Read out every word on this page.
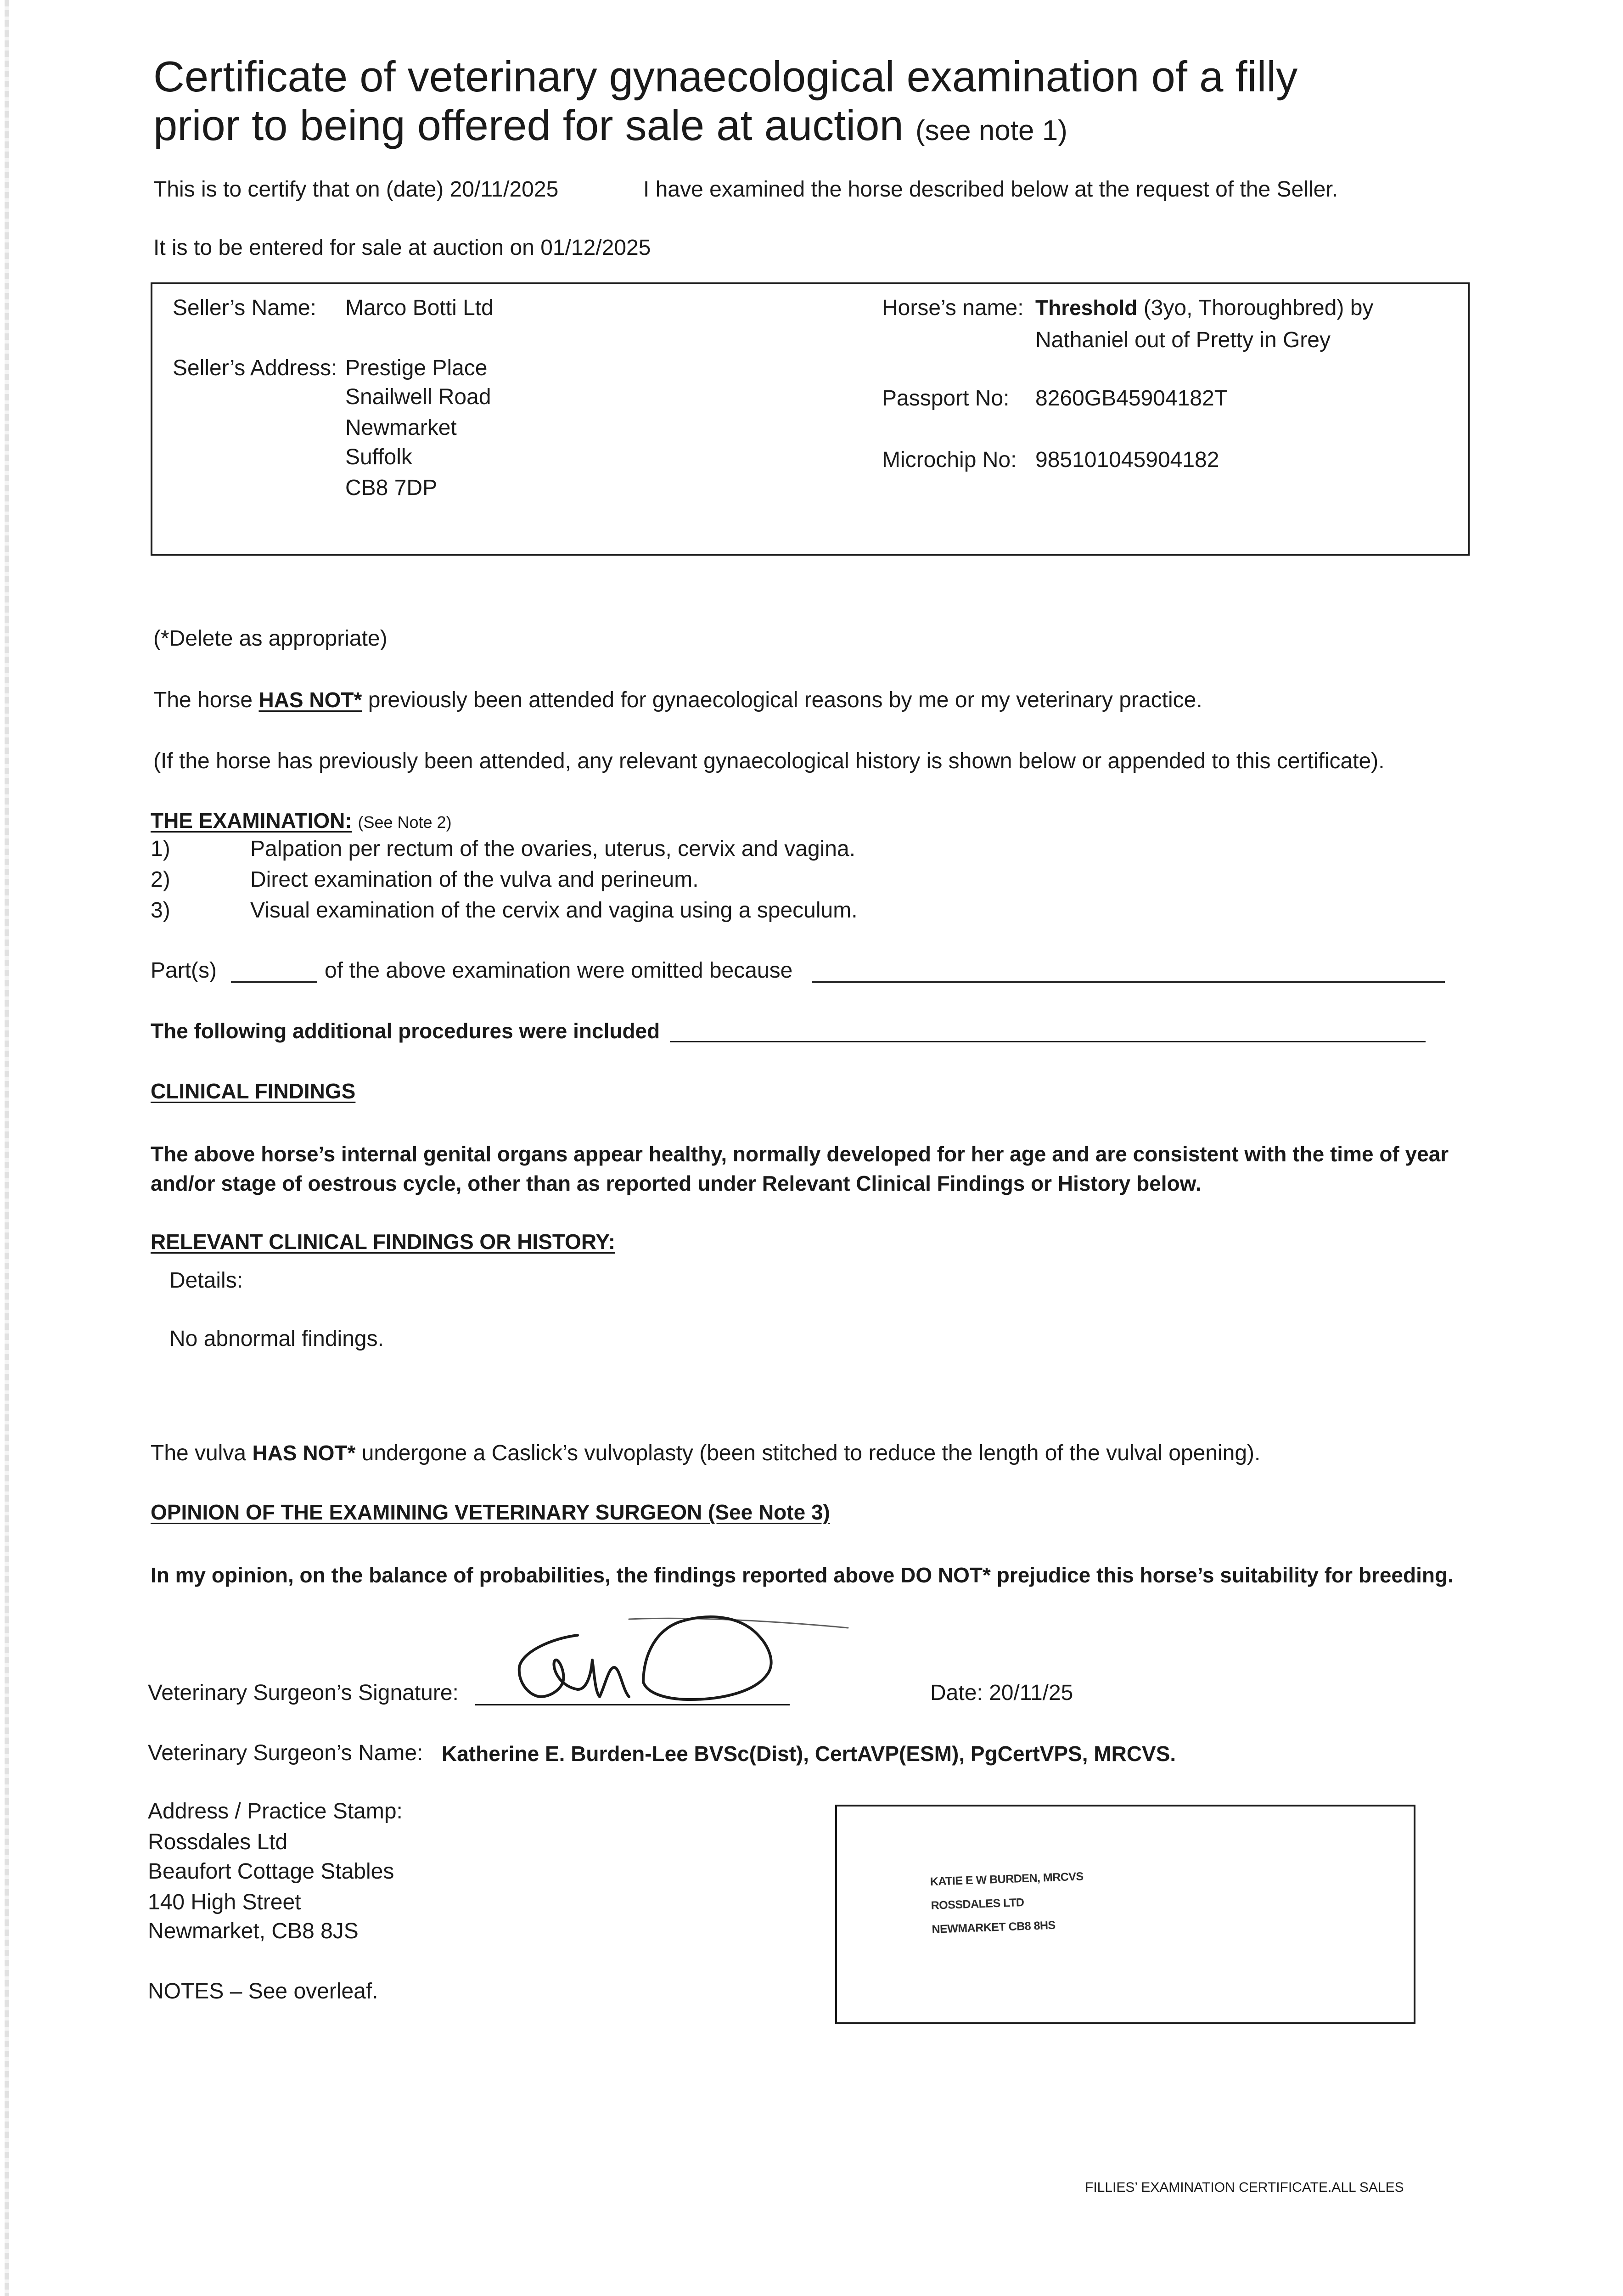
Certificate of veterinary gynaecological examination of a filly
prior to being offered for sale at auction (see note 1)
This is to certify that on (date) 20/11/2025	I have examined the horse described below at the request of the Seller.
It is to be entered for sale at auction on 01/12/2025
Seller’s Name: Marco Botti Ltd
Seller’s Address: Prestige Place
Snailwell Road
Newmarket
Suffolk
CB8 7DP
Horse’s name: Threshold (3yo, Thoroughbred) by
Nathaniel out of Pretty in Grey
Passport No: 8260GB45904182T
Microchip No: 985101045904182
(*Delete as appropriate)
The horse HAS NOT* previously been attended for gynaecological reasons by me or my veterinary practice.
(If the horse has previously been attended, any relevant gynaecological history is shown below or appended to this certificate).
THE EXAMINATION: (See Note 2)
1)	Palpation per rectum of the ovaries, uterus, cervix and vagina.
2)	Direct examination of the vulva and perineum.
3)	Visual examination of the cervix and vagina using a speculum.
Part(s)	of the above examination were omitted because
The following additional procedures were included
CLINICAL FINDINGS
The above horse’s internal genital organs appear healthy, normally developed for her age and are consistent with the time of year
and/or stage of oestrous cycle, other than as reported under Relevant Clinical Findings or History below.
RELEVANT CLINICAL FINDINGS OR HISTORY:
Details:
No abnormal findings.
The vulva HAS NOT* undergone a Caslick’s vulvoplasty (been stitched to reduce the length of the vulval opening).
OPINION OF THE EXAMINING VETERINARY SURGEON (See Note 3)
In my opinion, on the balance of probabilities, the findings reported above DO NOT* prejudice this horse’s suitability for breeding.
Veterinary Surgeon’s Signature:	Date: 20/11/25
Veterinary Surgeon’s Name: Katherine E. Burden-Lee BVSc(Dist), CertAVP(ESM), PgCertVPS, MRCVS.
Address / Practice Stamp:
Rossdales Ltd
Beaufort Cottage Stables
140 High Street
Newmarket, CB8 8JS
KATIE E W BURDEN, MRCVS
ROSSDALES LTD
NEWMARKET CB8 8HS
NOTES – See overleaf.
FILLIES’ EXAMINATION CERTIFICATE.ALL SALES
